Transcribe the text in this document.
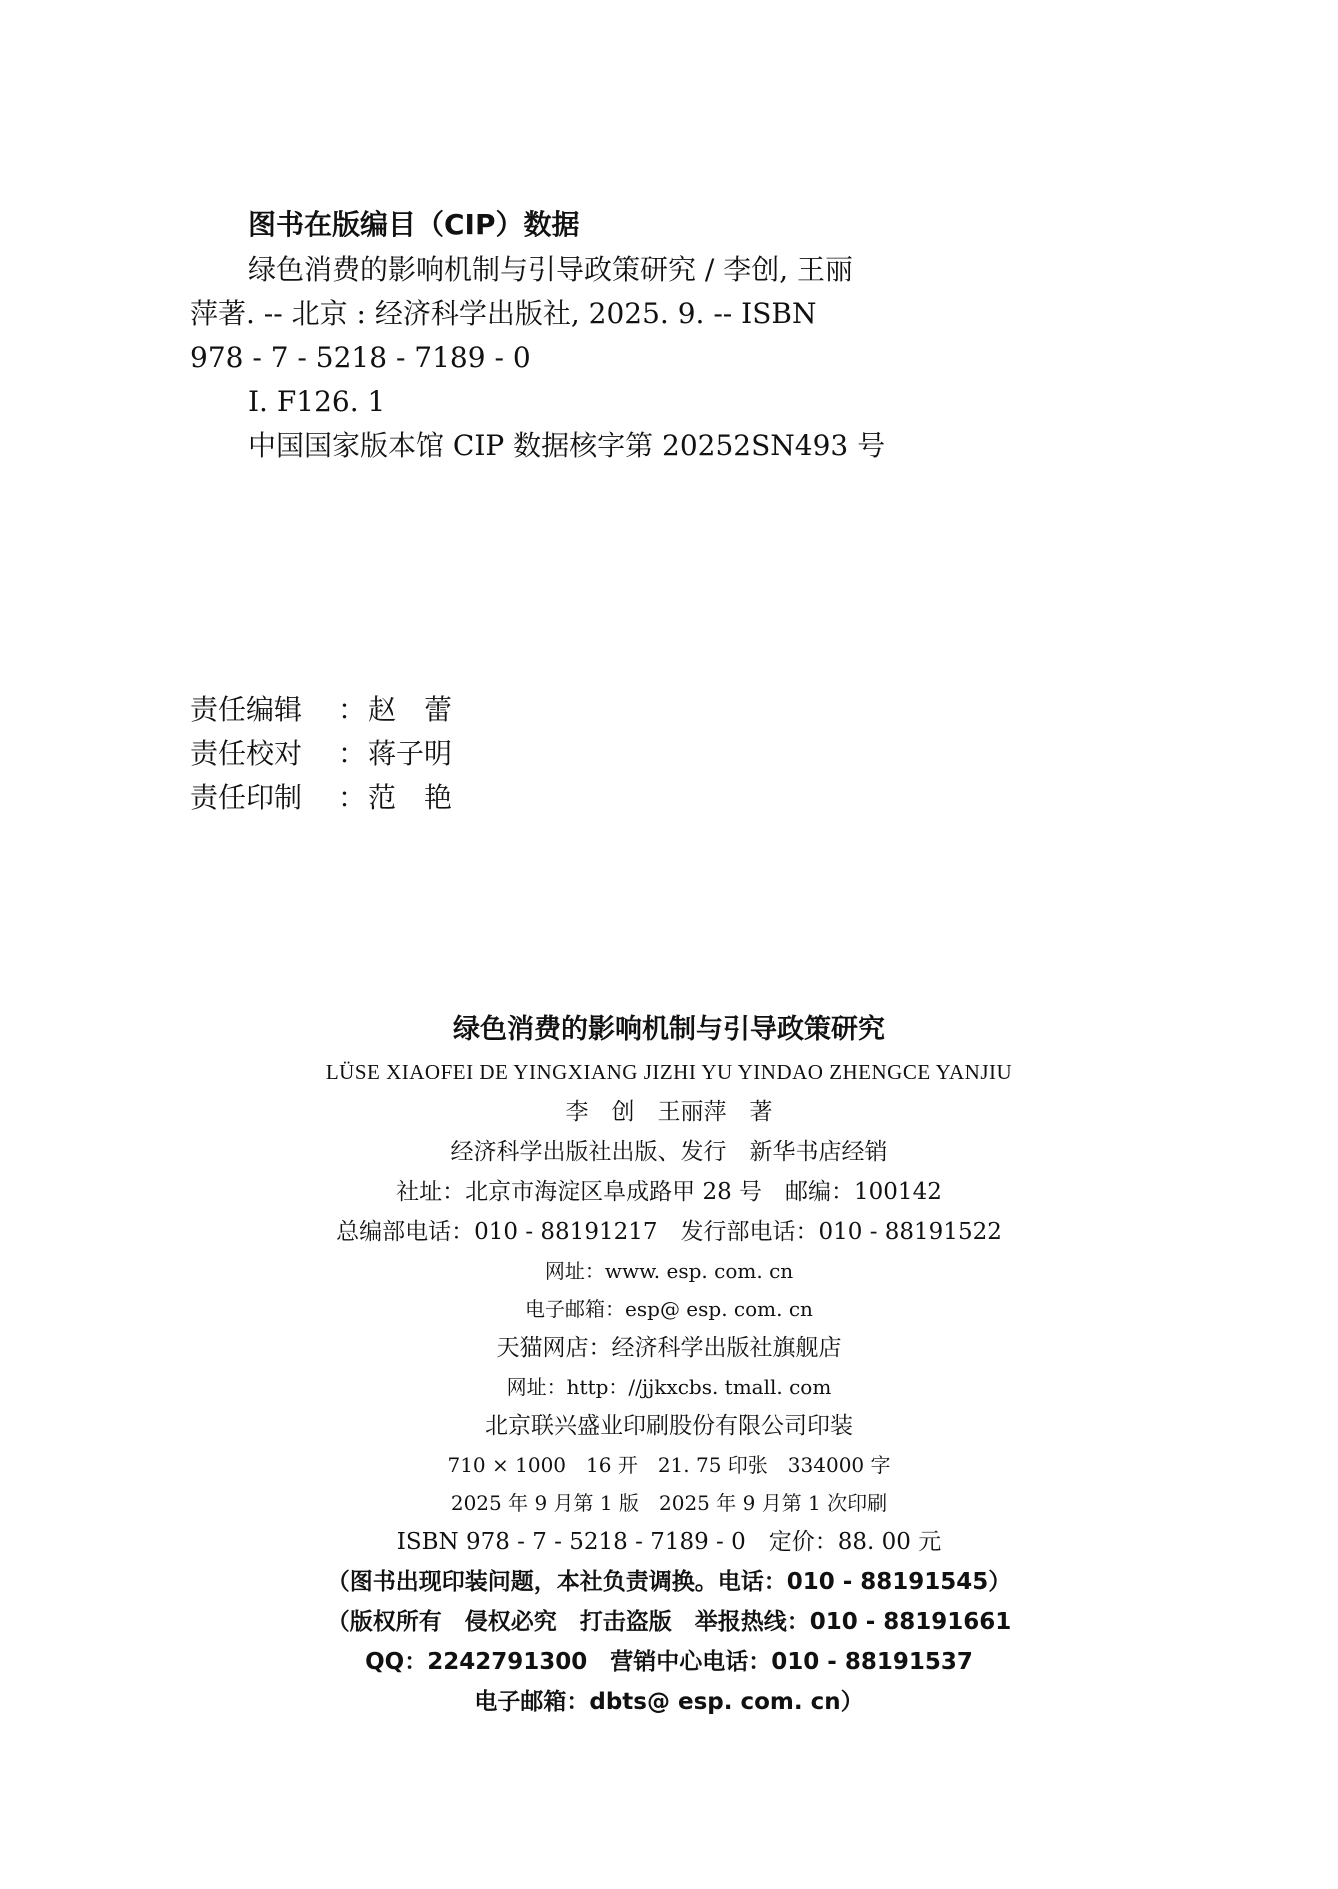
图书在版编目（CIP）数据
绿色消费的影响机制与引导政策研究 / 李创, 王丽
萍著. -- 北京 : 经济科学出版社, 2025. 9. -- ISBN
978 - 7 - 5218 - 7189 - 0
Ⅰ. F126. 1
中国国家版本馆 CIP 数据核字第 20252SN493 号
责任编辑	： 赵　蕾
责任校对	： 蒋子明
责任印制	： 范　艳
绿色消费的影响机制与引导政策研究
LÜSE XIAOFEI DE YINGXIANG JIZHI YU YINDAO ZHENGCE YANJIU
李　创　王丽萍　著
经济科学出版社出版、发行　新华书店经销
社址：北京市海淀区阜成路甲 28 号　邮编：100142
总编部电话：010 - 88191217　发行部电话：010 - 88191522
网址：www. esp. com. cn
电子邮箱：esp@ esp. com. cn
天猫网店：经济科学出版社旗舰店
网址：http：//jjkxcbs. tmall. com
北京联兴盛业印刷股份有限公司印装
710 × 1000　16 开　21. 75 印张　334000 字
2025 年 9 月第 1 版　2025 年 9 月第 1 次印刷
ISBN 978 - 7 - 5218 - 7189 - 0　定价：88. 00 元
（图书出现印装问题，本社负责调换。电话：010 - 88191545）
（版权所有　侵权必究　打击盗版　举报热线：010 - 88191661
QQ：2242791300　营销中心电话：010 - 88191537
电子邮箱：dbts@ esp. com. cn）
